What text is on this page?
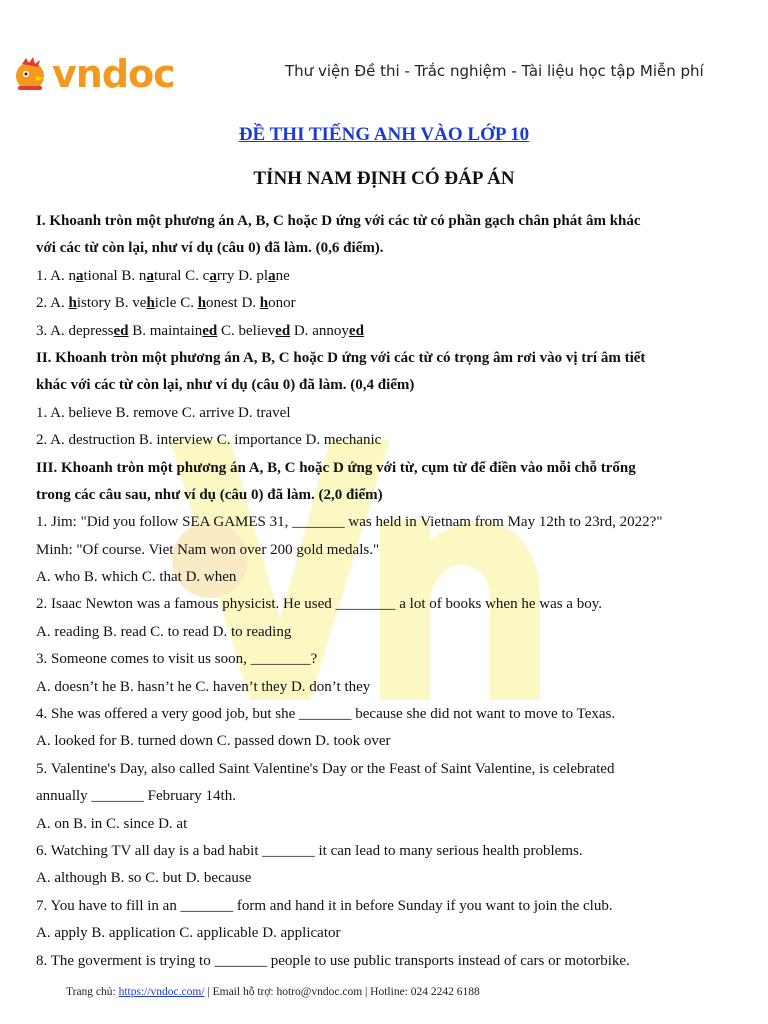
vndoc	Thư viện Đề thi - Trắc nghiệm - Tài liệu học tập Miễn phí
ĐỀ THI TIẾNG ANH VÀO LỚP 10
TỈNH NAM ĐỊNH CÓ ĐÁP ÁN
I. Khoanh tròn một phương án A, B, C hoặc D ứng với các từ có phần gạch chân phát âm khác
với các từ còn lại, như ví dụ (câu 0) đã làm. (0,6 điểm).
1. A. national B. natural C. carry D. plane
2. A. history B. vehicle C. honest D. honor
3. A. depressed B. maintained C. believed D. annoyed
II. Khoanh tròn một phương án A, B, C hoặc D ứng với các từ có trọng âm rơi vào vị trí âm tiết
khác với các từ còn lại, như ví dụ (câu 0) đã làm. (0,4 điểm)
1. A. believe B. remove C. arrive D. travel
2. A. destruction B. interview C. importance D. mechanic
III. Khoanh tròn một phương án A, B, C hoặc D ứng với từ, cụm từ để điền vào mỗi chỗ trống
trong các câu sau, như ví dụ (câu 0) đã làm. (2,0 điểm)
1. Jim: "Did you follow SEA GAMES 31, _______ was held in Vietnam from May 12th to 23rd, 2022?"
Minh: "Of course. Viet Nam won over 200 gold medals."
A. who B. which C. that D. when
2. Isaac Newton was a famous physicist. He used ________ a lot of books when he was a boy.
A. reading B. read C. to read D. to reading
3. Someone comes to visit us soon, ________?
A. doesn’t he B. hasn’t he C. haven’t they D. don’t they
4. She was offered a very good job, but she _______ because she did not want to move to Texas.
A. looked for B. turned down C. passed down D. took over
5. Valentine's Day, also called Saint Valentine's Day or the Feast of Saint Valentine, is celebrated
annually _______ February 14th.
A. on B. in C. since D. at
6. Watching TV all day is a bad habit _______ it can lead to many serious health problems.
A. although B. so C. but D. because
7. You have to fill in an _______ form and hand it in before Sunday if you want to join the club.
A. apply B. application C. applicable D. applicator
8. The goverment is trying to _______ people to use public transports instead of cars or motorbike.
Trang chủ: https://vndoc.com/ | Email hỗ trợ: hotro@vndoc.com | Hotline: 024 2242 6188
